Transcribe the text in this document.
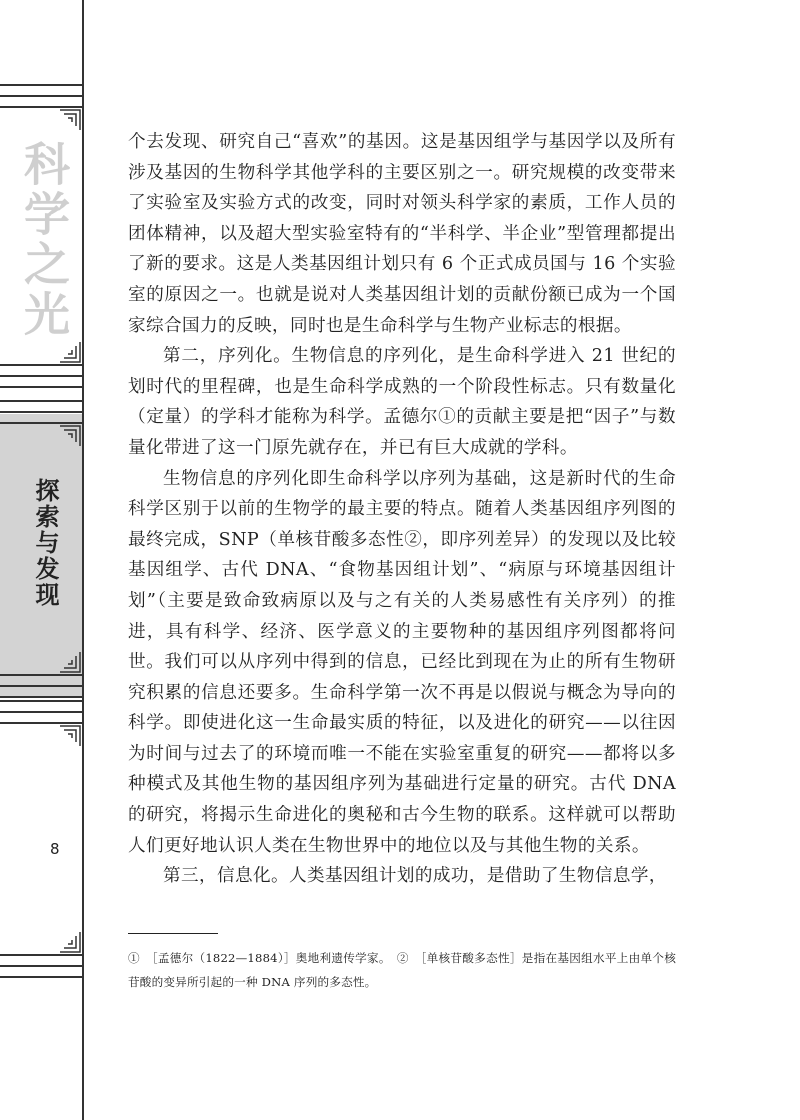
科学之光
探索与发现
8

个去发现、研究自己“喜欢”的基因。这是基因组学与基因学以及所有涉及基因的生物科学其他学科的主要区别之一。研究规模的改变带来了实验室及实验方式的改变，同时对领头科学家的素质，工作人员的团体精神，以及超大型实验室特有的“半科学、半企业”型管理都提出了新的要求。这是人类基因组计划只有 6 个正式成员国与 16 个实验室的原因之一。也就是说对人类基因组计划的贡献份额已成为一个国家综合国力的反映，同时也是生命科学与生物产业标志的根据。

第二，序列化。生物信息的序列化，是生命科学进入 21 世纪的划时代的里程碑，也是生命科学成熟的一个阶段性标志。只有数量化（定量）的学科才能称为科学。孟德尔①的贡献主要是把“因子”与数量化带进了这一门原先就存在，并已有巨大成就的学科。

生物信息的序列化即生命科学以序列为基础，这是新时代的生命科学区别于以前的生物学的最主要的特点。随着人类基因组序列图的最终完成，SNP（单核苷酸多态性②，即序列差异）的发现以及比较基因组学、古代 DNA、“食物基因组计划”、“病原与环境基因组计划”（主要是致命致病原以及与之有关的人类易感性有关序列）的推进，具有科学、经济、医学意义的主要物种的基因组序列图都将问世。我们可以从序列中得到的信息，已经比到现在为止的所有生物研究积累的信息还要多。生命科学第一次不再是以假说与概念为导向的科学。即使进化这一生命最实质的特征，以及进化的研究——以往因为时间与过去了的环境而唯一不能在实验室重复的研究——都将以多种模式及其他生物的基因组序列为基础进行定量的研究。古代 DNA 的研究，将揭示生命进化的奥秘和古今生物的联系。这样就可以帮助人们更好地认识人类在生物世界中的地位以及与其他生物的关系。

第三，信息化。人类基因组计划的成功，是借助了生物信息学，

①　［孟德尔（1822—1884）］奥地利遗传学家。　②　［单核苷酸多态性］是指在基因组水平上由单个核苷酸的变异所引起的一种 DNA 序列的多态性。
